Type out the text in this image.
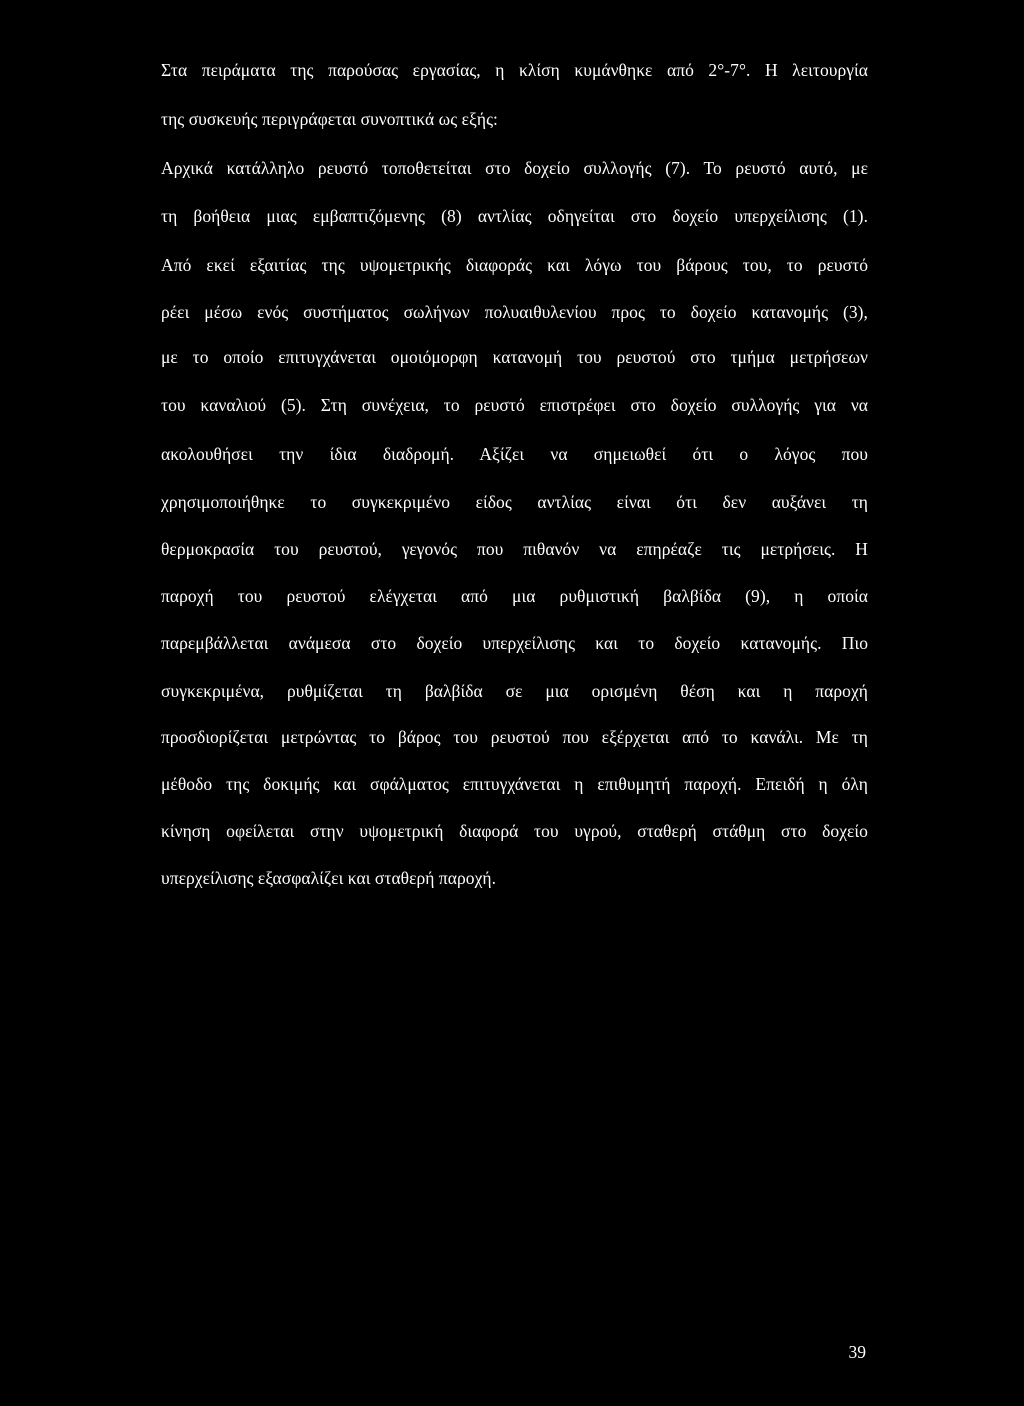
Στα πειράματα της παρούσας εργασίας, η κλίση κυμάνθηκε από 2°-7°. Η λειτουργία
της συσκευής περιγράφεται συνοπτικά ως εξής:
Αρχικά κατάλληλο ρευστό τοποθετείται στο δοχείο συλλογής (7). Το ρευστό αυτό, με
τη βοήθεια μιας εμβαπτιζόμενης (8) αντλίας οδηγείται στο δοχείο υπερχείλισης (1).
Από εκεί εξαιτίας της υψομετρικής διαφοράς και λόγω του βάρους του, το ρευστό
ρέει μέσω ενός συστήματος σωλήνων πολυαιθυλενίου προς το δοχείο κατανομής (3),
με το οποίο επιτυγχάνεται ομοιόμορφη κατανομή του ρευστού στο τμήμα μετρήσεων
του καναλιού (5). Στη συνέχεια, το ρευστό επιστρέφει στο δοχείο συλλογής για να
ακολουθήσει την ίδια διαδρομή. Αξίζει να σημειωθεί ότι ο λόγος που
χρησιμοποιήθηκε το συγκεκριμένο είδος αντλίας είναι ότι δεν αυξάνει τη
θερμοκρασία του ρευστού, γεγονός που πιθανόν να επηρέαζε τις μετρήσεις. Η
παροχή του ρευστού ελέγχεται από μια ρυθμιστική βαλβίδα (9), η οποία
παρεμβάλλεται ανάμεσα στο δοχείο υπερχείλισης και το δοχείο κατανομής. Πιο
συγκεκριμένα, ρυθμίζεται τη βαλβίδα σε μια ορισμένη θέση και η παροχή
προσδιορίζεται μετρώντας το βάρος του ρευστού που εξέρχεται από το κανάλι. Με τη
μέθοδο της δοκιμής και σφάλματος επιτυγχάνεται η επιθυμητή παροχή. Επειδή η όλη
κίνηση οφείλεται στην υψομετρική διαφορά του υγρού, σταθερή στάθμη στο δοχείο
υπερχείλισης εξασφαλίζει και σταθερή παροχή.
39
